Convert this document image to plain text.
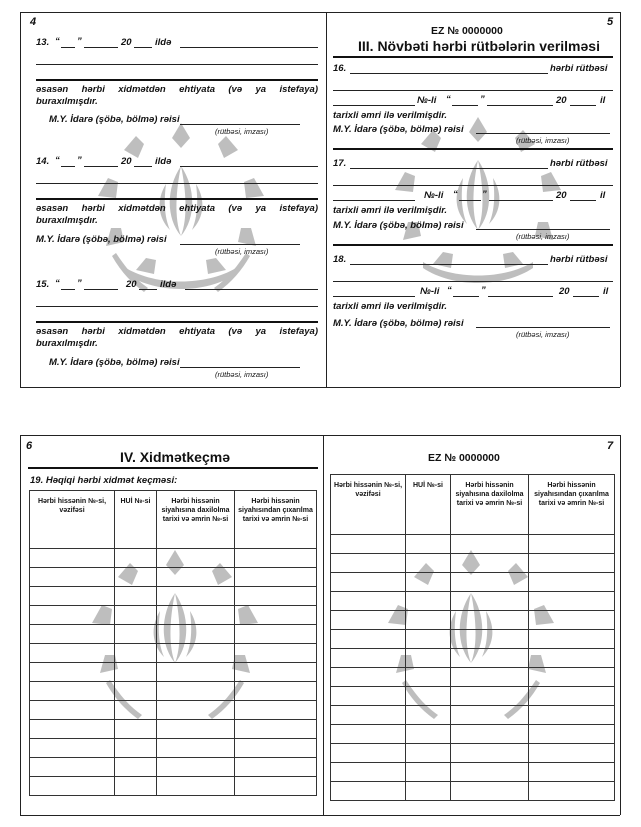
4
13. “ ”	20 ildə
əsasən hərbi xidmətdən ehtiyata (və ya istefaya)
buraxılmışdır.
M.Y. İdarə (şöbə, bölmə) rəisi
(rütbəsi, imzası)
14. “ ”	20 ildə
əsasən hərbi xidmətdən ehtiyata (və ya istefaya)
buraxılmışdır.
M.Y. İdarə (şöbə, bölmə) rəisi
(rütbəsi, imzası)
15. “ ”	20 ildə
əsasən hərbi xidmətdən ehtiyata (və ya istefaya)
buraxılmışdır.
M.Y. İdarə (şöbə, bölmə) rəisi
(rütbəsi, imzası)
5
EZ № 0000000
III. Növbəti hərbi rütbələrin verilməsi
16.	hərbi rütbəsi
№-li “	”	20	il
tarixli əmri ilə verilmişdir.
M.Y. İdarə (şöbə, bölmə) rəisi
(rütbəsi, imzası)
17.	hərbi rütbəsi
№-li “	”	20	il
tarixli əmri ilə verilmişdir.
M.Y. İdarə (şöbə, bölmə) rəisi
(rütbəsi, imzası)
18.	hərbi rütbəsi
№-li “	”	20	il
tarixli əmri ilə verilmişdir.
M.Y. İdarə (şöbə, bölmə) rəisi
(rütbəsi, imzası)
6
IV. Xidmətkeçmə
19. Həqiqi hərbi xidmət keçməsi:
Hərbi hissənin №-si, vəzifəsi	HUİ №-si	Hərbi hissənin siyahısına daxilolma tarixi və əmrin №-si	Hərbi hissənin siyahısından çıxarılma tarixi və əmrin №-si

7
EZ № 0000000
Hərbi hissənin №-si, vəzifəsi	HUİ №-si	Hərbi hissənin siyahısına daxilolma tarixi və əmrin №-si	Hərbi hissənin siyahısından çıxarılma tarixi və əmrin №-si
